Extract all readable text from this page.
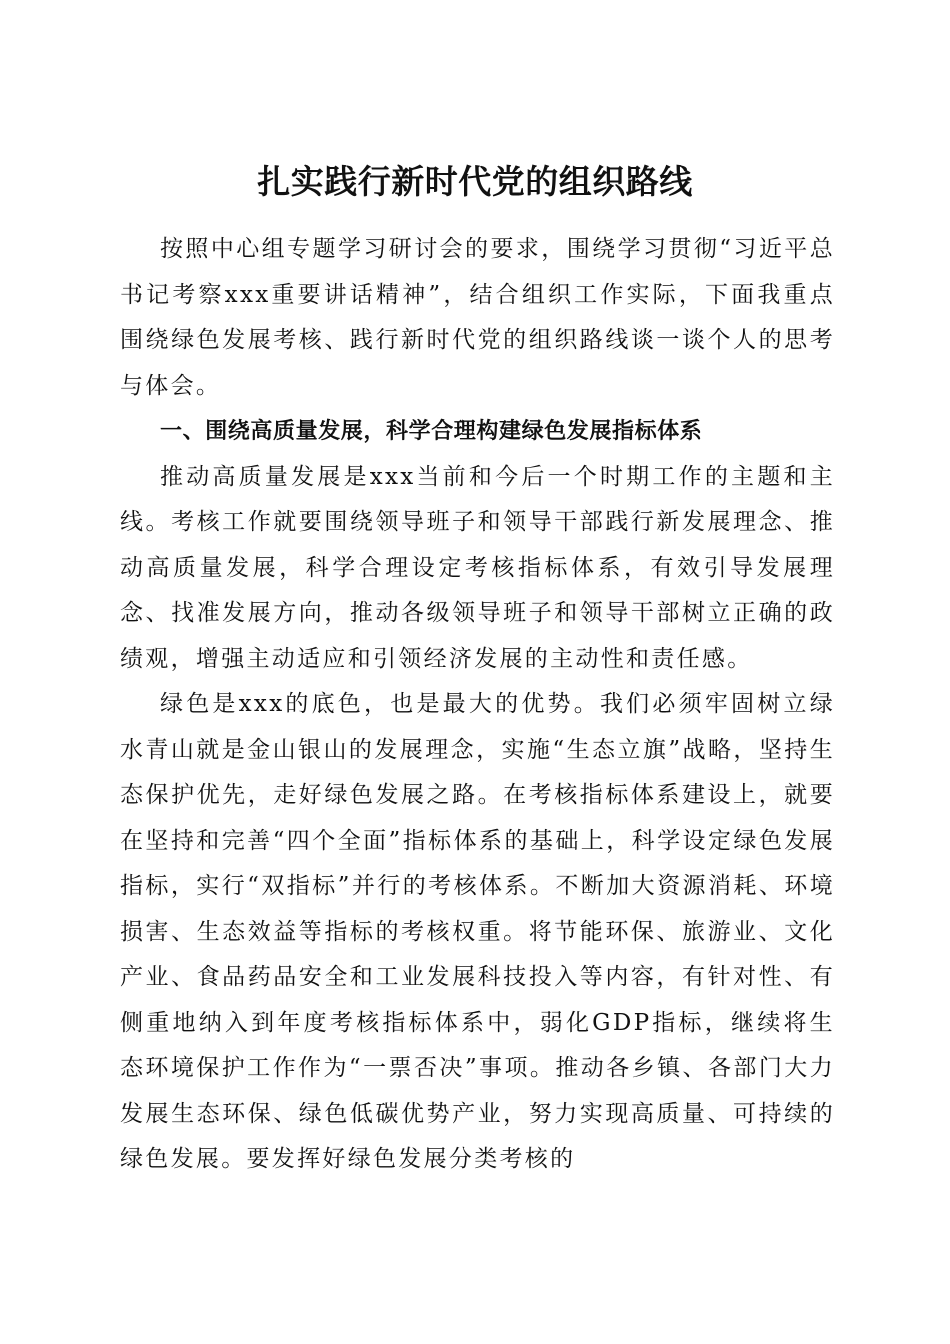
扎实践行新时代党的组织路线

按照中心组专题学习研讨会的要求，围绕学习贯彻“习近平总书记考察xxx重要讲话精神”，结合组织工作实际，下面我重点围绕绿色发展考核、践行新时代党的组织路线谈一谈个人的思考与体会。

一、围绕高质量发展，科学合理构建绿色发展指标体系

推动高质量发展是xxx当前和今后一个时期工作的主题和主线。考核工作就要围绕领导班子和领导干部践行新发展理念、推动高质量发展，科学合理设定考核指标体系，有效引导发展理念、找准发展方向，推动各级领导班子和领导干部树立正确的政绩观，增强主动适应和引领经济发展的主动性和责任感。

绿色是xxx的底色，也是最大的优势。我们必须牢固树立绿水青山就是金山银山的发展理念，实施“生态立旗”战略，坚持生态保护优先，走好绿色发展之路。在考核指标体系建设上，就要在坚持和完善“四个全面”指标体系的基础上，科学设定绿色发展指标，实行“双指标”并行的考核体系。不断加大资源消耗、环境损害、生态效益等指标的考核权重。将节能环保、旅游业、文化产业、食品药品安全和工业发展科技投入等内容，有针对性、有侧重地纳入到年度考核指标体系中，弱化GDP指标，继续将生态环境保护工作作为“一票否决”事项。推动各乡镇、各部门大力发展生态环保、绿色低碳优势产业，努力实现高质量、可持续的绿色发展。要发挥好绿色发展分类考核的
